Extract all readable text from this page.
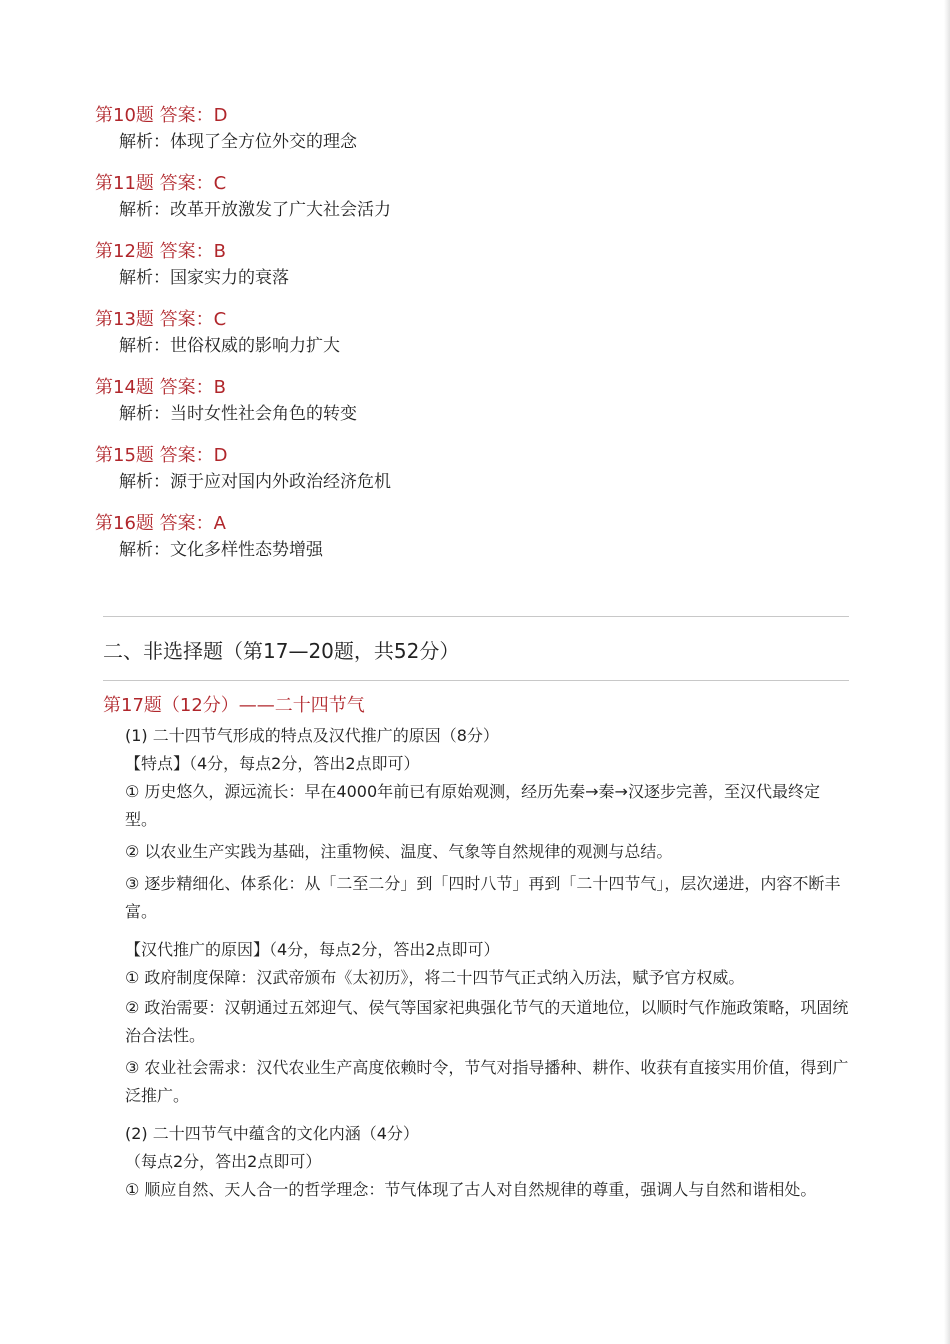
第10题 答案：D
解析：体现了全方位外交的理念
第11题 答案：C
解析：改革开放激发了广大社会活力
第12题 答案：B
解析：国家实力的衰落
第13题 答案：C
解析：世俗权威的影响力扩大
第14题 答案：B
解析：当时女性社会角色的转变
第15题 答案：D
解析：源于应对国内外政治经济危机
第16题 答案：A
解析：文化多样性态势增强
二、非选择题（第17—20题，共52分）
第17题（12分）——二十四节气
(1) 二十四节气形成的特点及汉代推广的原因（8分）
【特点】（4分，每点2分，答出2点即可）
① 历史悠久，源远流长：早在4000年前已有原始观测，经历先秦→秦→汉逐步完善，至汉代最终定型。
② 以农业生产实践为基础，注重物候、温度、气象等自然规律的观测与总结。
③ 逐步精细化、体系化：从「二至二分」到「四时八节」再到「二十四节气」，层次递进，内容不断丰富。
【汉代推广的原因】（4分，每点2分，答出2点即可）
① 政府制度保障：汉武帝颁布《太初历》，将二十四节气正式纳入历法，赋予官方权威。
② 政治需要：汉朝通过五郊迎气、侯气等国家祀典强化节气的天道地位，以顺时气作施政策略，巩固统治合法性。
③ 农业社会需求：汉代农业生产高度依赖时令，节气对指导播种、耕作、收获有直接实用价值，得到广泛推广。
(2) 二十四节气中蕴含的文化内涵（4分）
（每点2分，答出2点即可）
① 顺应自然、天人合一的哲学理念：节气体现了古人对自然规律的尊重，强调人与自然和谐相处。
